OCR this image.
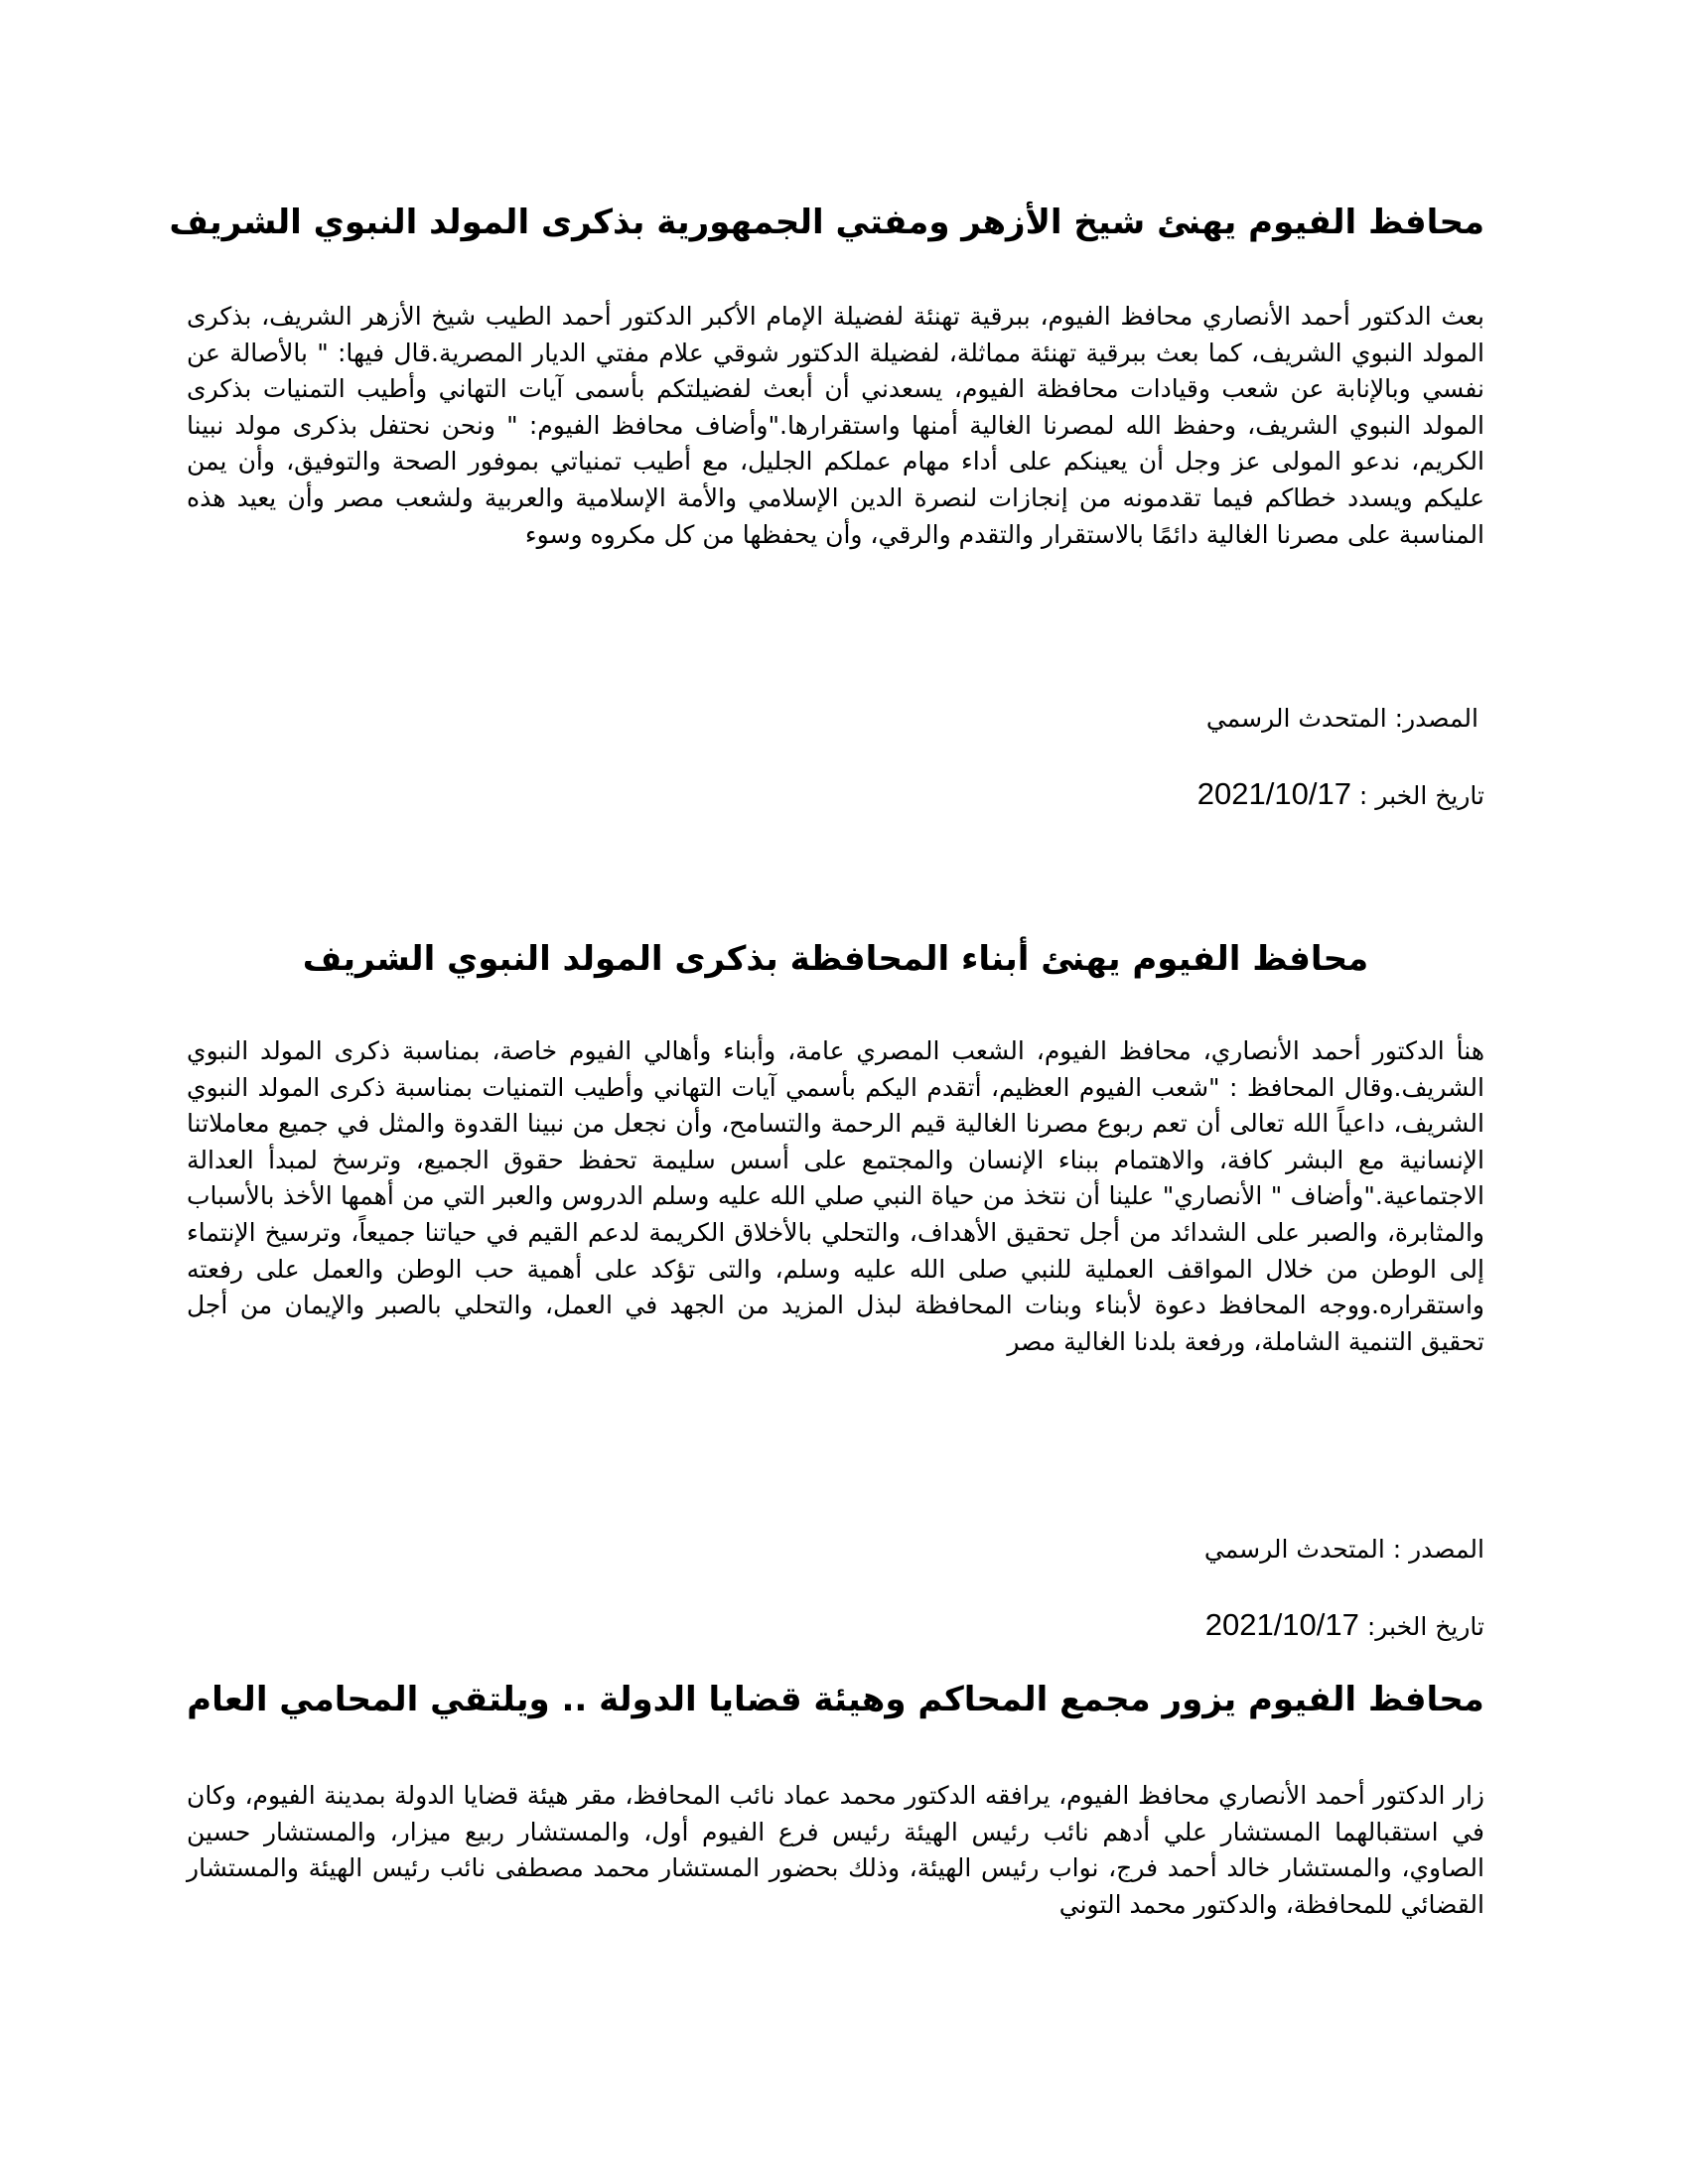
محافظ الفيوم يهنئ شيخ الأزهر ومفتي الجمهورية بذكرى المولد النبوي الشريف

بعث الدكتور أحمد الأنصاري محافظ الفيوم، ببرقية تهنئة لفضيلة الإمام الأكبر الدكتور أحمد الطيب شيخ الأزهر الشريف، بذكرى المولد النبوي الشريف، كما بعث ببرقية تهنئة مماثلة، لفضيلة الدكتور شوقي علام مفتي الديار المصرية.قال فيها: " بالأصالة عن نفسي وبالإنابة عن شعب وقيادات محافظة الفيوم، يسعدني أن أبعث لفضيلتكم بأسمى آيات التهاني وأطيب التمنيات بذكرى المولد النبوي الشريف، وحفظ الله لمصرنا الغالية أمنها واستقرارها."وأضاف محافظ الفيوم: " ونحن نحتفل بذكرى مولد نبينا الكريم، ندعو المولى عز وجل أن يعينكم على أداء مهام عملكم الجليل، مع أطيب تمنياتي بموفور الصحة والتوفيق، وأن يمن عليكم ويسدد خطاكم فيما تقدمونه من إنجازات لنصرة الدين الإسلامي والأمة الإسلامية والعربية ولشعب مصر وأن يعيد هذه المناسبة على مصرنا الغالية دائمًا بالاستقرار والتقدم والرقي، وأن يحفظها من كل مكروه وسوء

المصدر: المتحدث الرسمي

تاريخ الخبر : 2021/10/17

محافظ الفيوم يهنئ أبناء المحافظة بذكرى المولد النبوي الشريف

هنأ الدكتور أحمد الأنصاري، محافظ الفيوم، الشعب المصري عامة، وأبناء وأهالي الفيوم خاصة، بمناسبة ذكرى المولد النبوي الشريف.وقال المحافظ : "شعب الفيوم العظيم، أتقدم اليكم بأسمي آيات التهاني وأطيب التمنيات بمناسبة ذكرى المولد النبوي الشريف، داعياً الله تعالى أن تعم ربوع مصرنا الغالية قيم الرحمة والتسامح، وأن نجعل من نبينا القدوة والمثل في جميع معاملاتنا الإنسانية مع البشر كافة، والاهتمام ببناء الإنسان والمجتمع على أسس سليمة تحفظ حقوق الجميع، وترسخ لمبدأ العدالة الاجتماعية."وأضاف " الأنصاري" علينا أن نتخذ من حياة النبي صلي الله عليه وسلم الدروس والعبر التي من أهمها الأخذ بالأسباب والمثابرة، والصبر على الشدائد من أجل تحقيق الأهداف، والتحلي بالأخلاق الكريمة لدعم القيم في حياتنا جميعاً، وترسيخ الإنتماء إلى الوطن من خلال المواقف العملية للنبي صلى الله عليه وسلم، والتى تؤكد على أهمية حب الوطن والعمل على رفعته واستقراره.ووجه المحافظ دعوة لأبناء وبنات المحافظة لبذل المزيد من الجهد في العمل، والتحلي بالصبر والإيمان من أجل تحقيق التنمية الشاملة، ورفعة بلدنا الغالية مصر

المصدر : المتحدث الرسمي

تاريخ الخبر: 2021/10/17

محافظ الفيوم يزور مجمع المحاكم وهيئة قضايا الدولة .. ويلتقي المحامي العام

زار الدكتور أحمد الأنصاري محافظ الفيوم، يرافقه الدكتور محمد عماد نائب المحافظ، مقر هيئة قضايا الدولة بمدينة الفيوم، وكان في استقبالهما المستشار علي أدهم نائب رئيس الهيئة رئيس فرع الفيوم أول، والمستشار ربيع ميزار، والمستشار حسين الصاوي، والمستشار خالد أحمد فرج، نواب رئيس الهيئة، وذلك بحضور المستشار محمد مصطفى نائب رئيس الهيئة والمستشار القضائي للمحافظة، والدكتور محمد التوني
